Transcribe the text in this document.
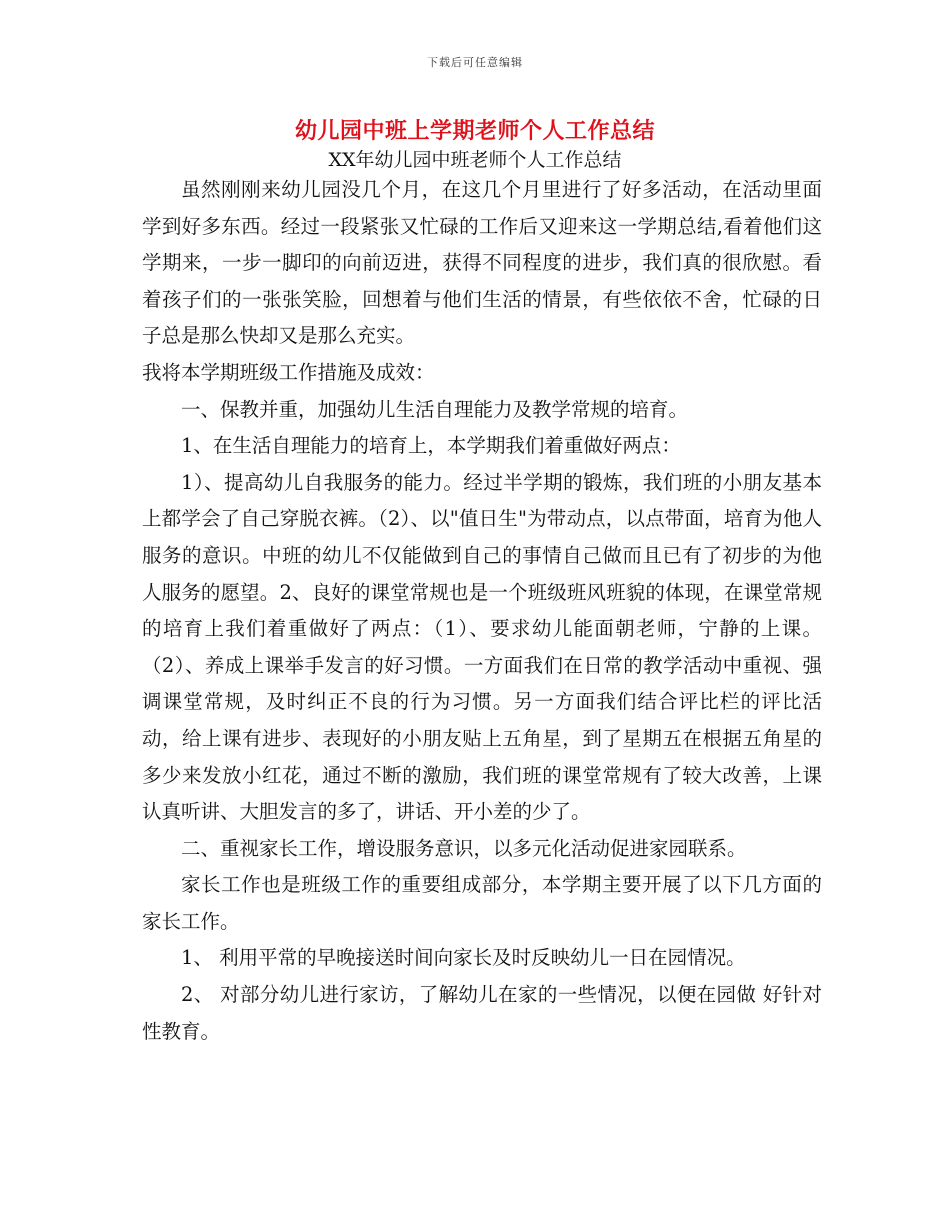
下载后可任意编辑
幼儿园中班上学期老师个人工作总结
XX年幼儿园中班老师个人工作总结

虽然刚刚来幼儿园没几个月，在这几个月里进行了好多活动，在活动里面学到好多东西。经过一段紧张又忙碌的工作后又迎来这一学期总结,看着他们这学期来，一步一脚印的向前迈进，获得不同程度的进步，我们真的很欣慰。看着孩子们的一张张笑脸，回想着与他们生活的情景，有些依依不舍，忙碌的日子总是那么快却又是那么充实。

我将本学期班级工作措施及成效：

一、保教并重，加强幼儿生活自理能力及教学常规的培育。

1、在生活自理能力的培育上，本学期我们着重做好两点：

1）、提高幼儿自我服务的能力。经过半学期的锻炼，我们班的小朋友基本上都学会了自己穿脱衣裤。（2）、以"值日生"为带动点，以点带面，培育为他人服务的意识。中班的幼儿不仅能做到自己的事情自己做而且已有了初步的为他人服务的愿望。2、良好的课堂常规也是一个班级班风班貌的体现，在课堂常规的培育上我们着重做好了两点：（1）、要求幼儿能面朝老师，宁静的上课。（2）、养成上课举手发言的好习惯。一方面我们在日常的教学活动中重视、强调课堂常规，及时纠正不良的行为习惯。另一方面我们结合评比栏的评比活动，给上课有进步、表现好的小朋友贴上五角星，到了星期五在根据五角星的多少来发放小红花，通过不断的激励，我们班的课堂常规有了较大改善，上课认真听讲、大胆发言的多了，讲话、开小差的少了。

二、重视家长工作，增设服务意识，以多元化活动促进家园联系。

家长工作也是班级工作的重要组成部分，本学期主要开展了以下几方面的家长工作。

1、 利用平常的早晚接送时间向家长及时反映幼儿一日在园情况。

2、 对部分幼儿进行家访，了解幼儿在家的一些情况，以便在园做 好针对性教育。
